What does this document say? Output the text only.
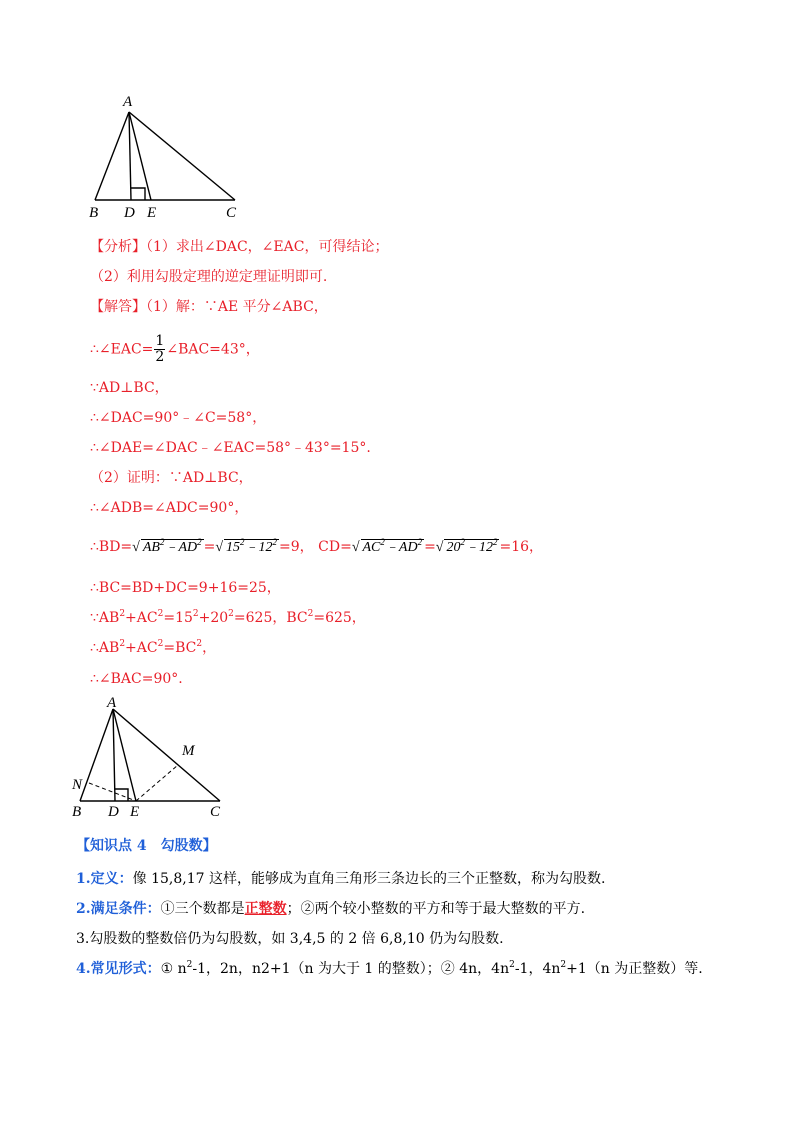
A
B D E	C
【分析】（1）求出∠DAC，∠EAC，可得结论；
（2）利用勾股定理的逆定理证明即可.
【解答】（1）解：∵AE 平分∠ABC，
∴∠EAC= $\frac{1}{2}$ ∠BAC=43°，
∵AD⊥BC，
∴∠DAC=90°﹣∠C=58°，
∴∠DAE=∠DAC﹣∠EAC=58°﹣43°=15°.
（2）证明：∵AD⊥BC，
∴∠ADB=∠ADC=90°，
∴BD=√ $AB^2﹣AD^2$ =√ $15^2﹣12^2 =9$， CD=√ $AC^2﹣AD^2$ =√ $20^2﹣12^2 =16$，
∴BC=BD+DC=9+16=25，
$\because AB^2+AC^2=15^2+20^2=625$，$BC^2=625$，
$\therefore AB^2+AC^2=BC^2$，
∴∠BAC=90°.
A
M
N
B D E	C
【知识点 4　勾股数】
1.定义：像 15,8,17 这样，能够成为直角三角形三条边长的三个正整数，称为勾股数.
2.满足条件：①三个数都是正整数；②两个较小整数的平方和等于最大整数的平方.
3.勾股数的整数倍仍为勾股数，如 3,4,5 的 2 倍 6,8,10 仍为勾股数.
4.常见形式：① $n^2-1$，2n，n2+1（n 为大于 1 的整数）；② 4n，$4n^2-1$，$4n^2+1(n$ 为正整数）等.
